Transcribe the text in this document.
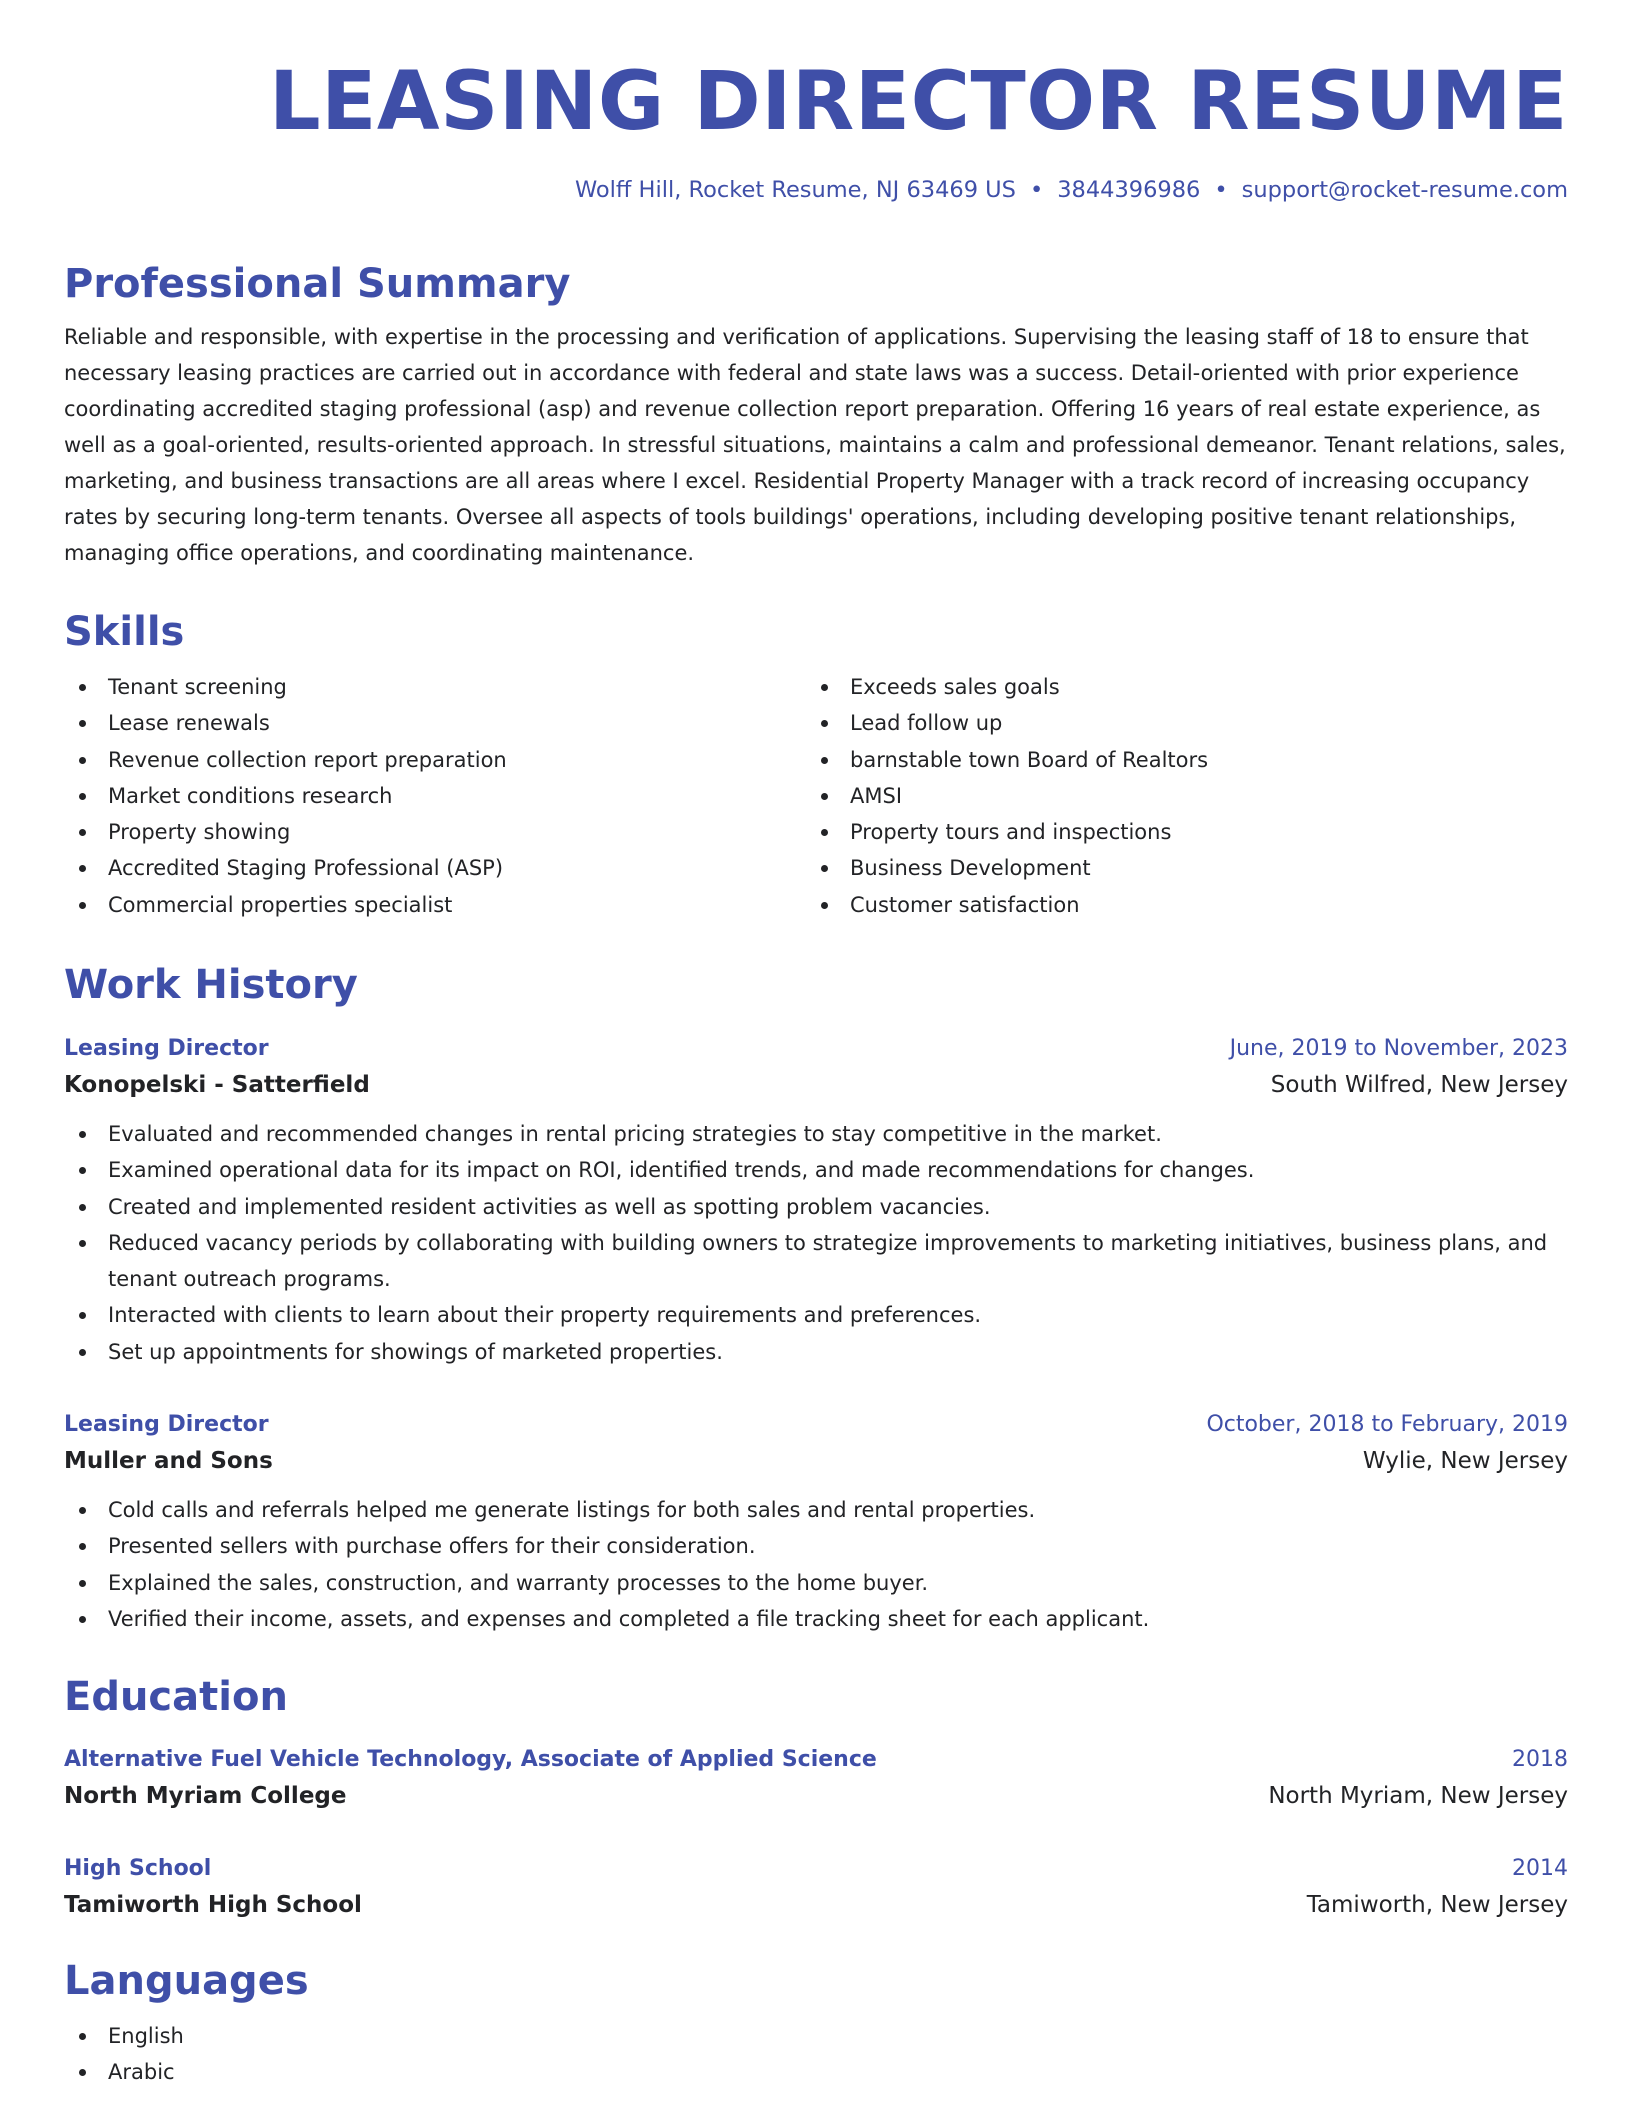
LEASING DIRECTOR RESUME
Wolff Hill, Rocket Resume, NJ 63469 US • 3844396986 • support@rocket-resume.com
Professional Summary

Reliable and responsible, with expertise in the processing and verification of applications. Supervising the leasing staff of 18 to ensure that necessary leasing practices are carried out in accordance with federal and state laws was a success. Detail-oriented with prior experience coordinating accredited staging professional (asp) and revenue collection report preparation. Offering 16 years of real estate experience, as well as a goal-oriented, results-oriented approach. In stressful situations, maintains a calm and professional demeanor. Tenant relations, sales, marketing, and business transactions are all areas where I excel. Residential Property Manager with a track record of increasing occupancy rates by securing long-term tenants. Oversee all aspects of tools buildings' operations, including developing positive tenant relationships, managing office operations, and coordinating maintenance.

Skills
Tenant screening
Lease renewals
Revenue collection report preparation
Market conditions research
Property showing
Accredited Staging Professional (ASP)
Commercial properties specialist
Exceeds sales goals
Lead follow up
barnstable town Board of Realtors
AMSI
Property tours and inspections
Business Development
Customer satisfaction
Work History
Leasing Director	June, 2019 to November, 2023
Konopelski - Satterfield	South Wilfred, New Jersey
Evaluated and recommended changes in rental pricing strategies to stay competitive in the market.
Examined operational data for its impact on ROI, identified trends, and made recommendations for changes.
Created and implemented resident activities as well as spotting problem vacancies.
Reduced vacancy periods by collaborating with building owners to strategize improvements to marketing initiatives, business plans, and tenant outreach programs.
Interacted with clients to learn about their property requirements and preferences.
Set up appointments for showings of marketed properties.
Leasing Director	October, 2018 to February, 2019
Muller and Sons	Wylie, New Jersey
Cold calls and referrals helped me generate listings for both sales and rental properties.
Presented sellers with purchase offers for their consideration.
Explained the sales, construction, and warranty processes to the home buyer.
Verified their income, assets, and expenses and completed a file tracking sheet for each applicant.
Education
Alternative Fuel Vehicle Technology, Associate of Applied Science	2018
North Myriam College	North Myriam, New Jersey
High School	2014
Tamiworth High School	Tamiworth, New Jersey
Languages
English
Arabic
